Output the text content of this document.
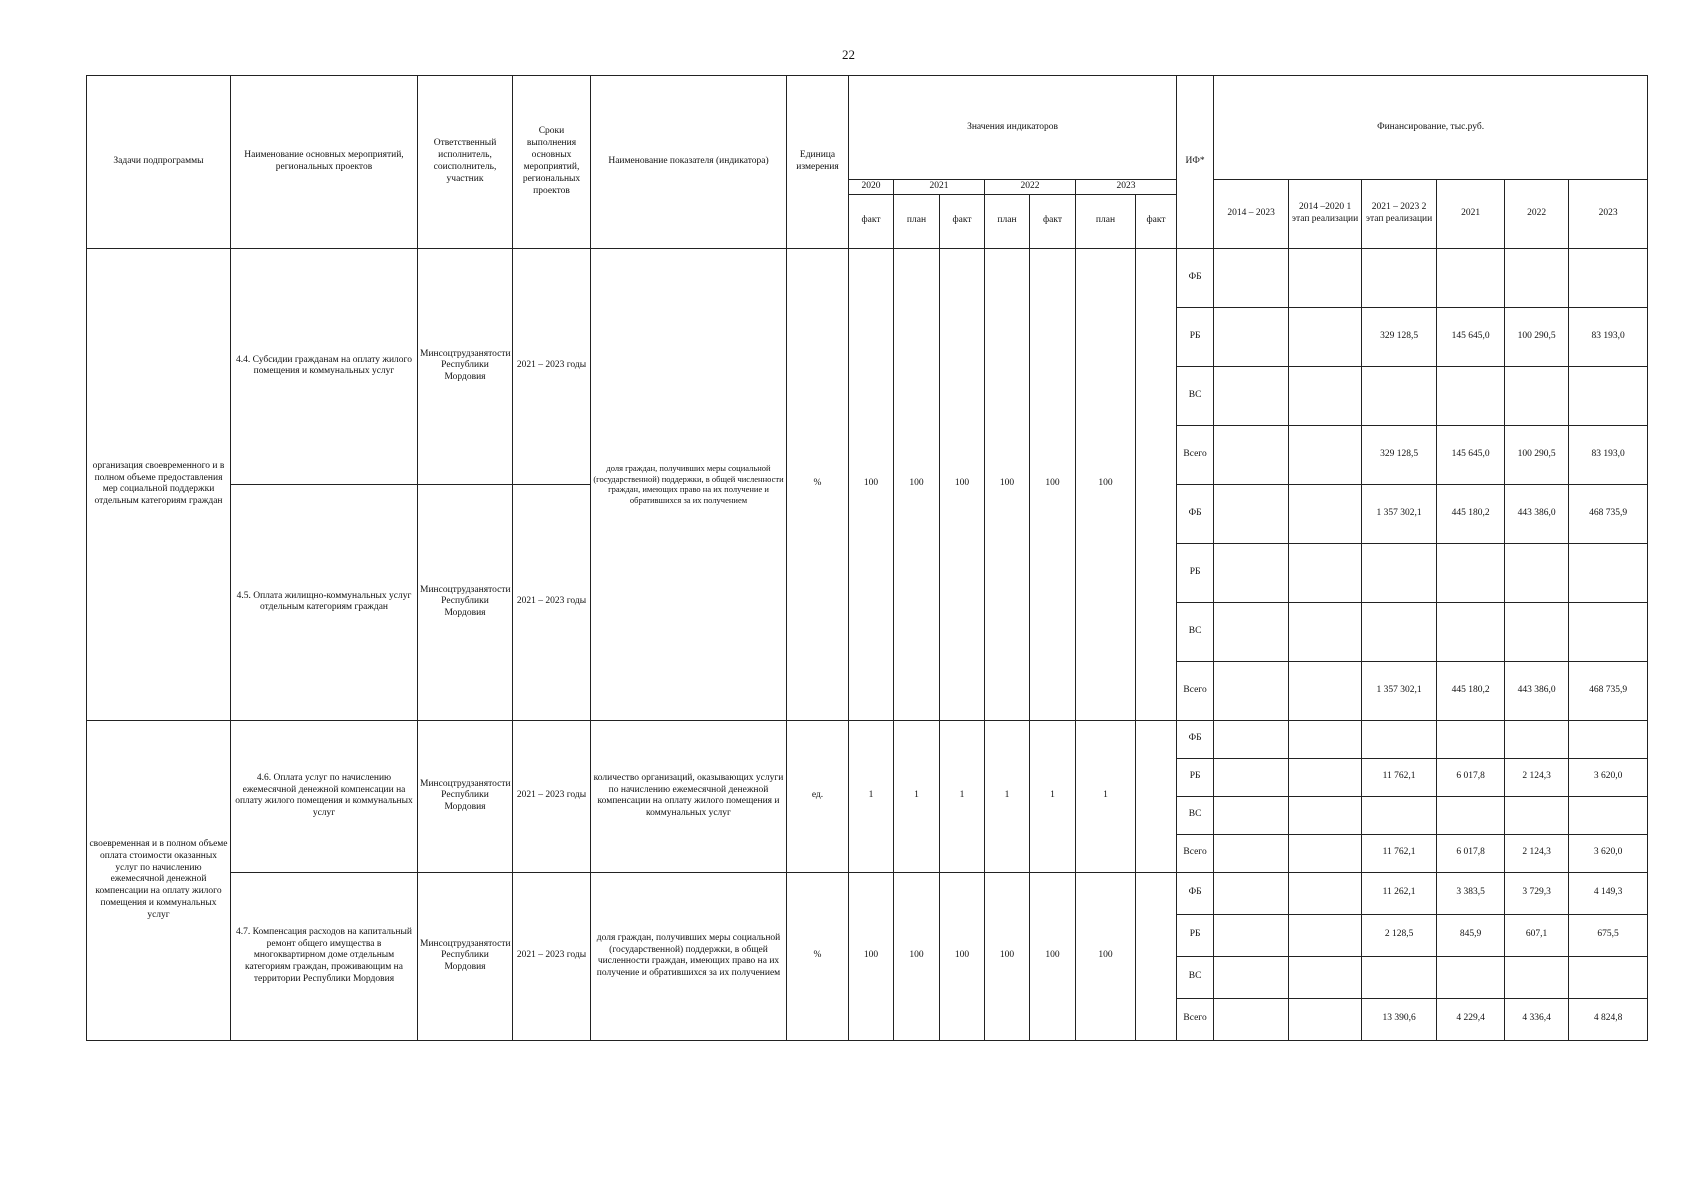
22
Задачи подпрограммы	Наименование основных мероприятий, региональных проектов	Ответственный исполнитель, соисполнитель, участник	Сроки выполнения основных мероприятий, региональных проектов	Наименование показателя (индикатора)	Единица измерения	Значения индикаторов							ИФ*	Финансирование, тыс.руб.					
						2020	2021		2022		2023			2014 – 2023	2014 –2020 1 этап реализации	2021 – 2023 2 этап реализации	2021	2022	2023
						факт	план	факт	план	факт	план	факт							
организация своевременного и в полном объеме предоставления мер социальной поддержки отдельным категориям граждан	4.4. Субсидии гражданам на оплату жилого помещения и коммунальных услуг	Минсоцтрудзанятости Республики Мордовия	2021 – 2023 годы	доля граждан, получивших меры социальной (государственной) поддержки, в общей численности граждан, имеющих право на их получение и обратившихся за их получением	%	100	100	100	100	100	100		ФБ						
													РБ			329 128,5	145 645,0	100 290,5	83 193,0
													ВС						
													Всего			329 128,5	145 645,0	100 290,5	83 193,0
	4.5. Оплата жилищно-коммунальных услуг отдельным категориям граждан	Минсоцтрудзанятости Республики Мордовия	2021 – 2023 годы										ФБ			1 357 302,1	445 180,2	443 386,0	468 735,9
													РБ						
													ВС						
													Всего			1 357 302,1	445 180,2	443 386,0	468 735,9
своевременная и в полном объеме оплата стоимости оказанных услуг по начислению ежемесячной денежной компенсации на оплату жилого помещения и коммунальных услуг	4.6. Оплата услуг по начислению ежемесячной денежной компенсации на оплату жилого помещения и коммунальных услуг	Минсоцтрудзанятости Республики Мордовия	2021 – 2023 годы	количество организаций, оказывающих услуги по начислению ежемесячной денежной компенсации на оплату жилого помещения и коммунальных услуг	ед.	1	1	1	1	1	1		ФБ						
													РБ			11 762,1	6 017,8	2 124,3	3 620,0
													ВС						
													Всего			11 762,1	6 017,8	2 124,3	3 620,0
	4.7. Компенсация расходов на капитальный ремонт общего имущества в многоквартирном доме отдельным категориям граждан, проживающим на территории Республики Мордовия	Минсоцтрудзанятости Республики Мордовия	2021 – 2023 годы	доля граждан, получивших меры социальной (государственной) поддержки, в общей численности граждан, имеющих право на их получение и обратившихся за их получением	%	100	100	100	100	100	100		ФБ			11 262,1	3 383,5	3 729,3	4 149,3
													РБ			2 128,5	845,9	607,1	675,5
													ВС						
													Всего			13 390,6	4 229,4	4 336,4	4 824,8
